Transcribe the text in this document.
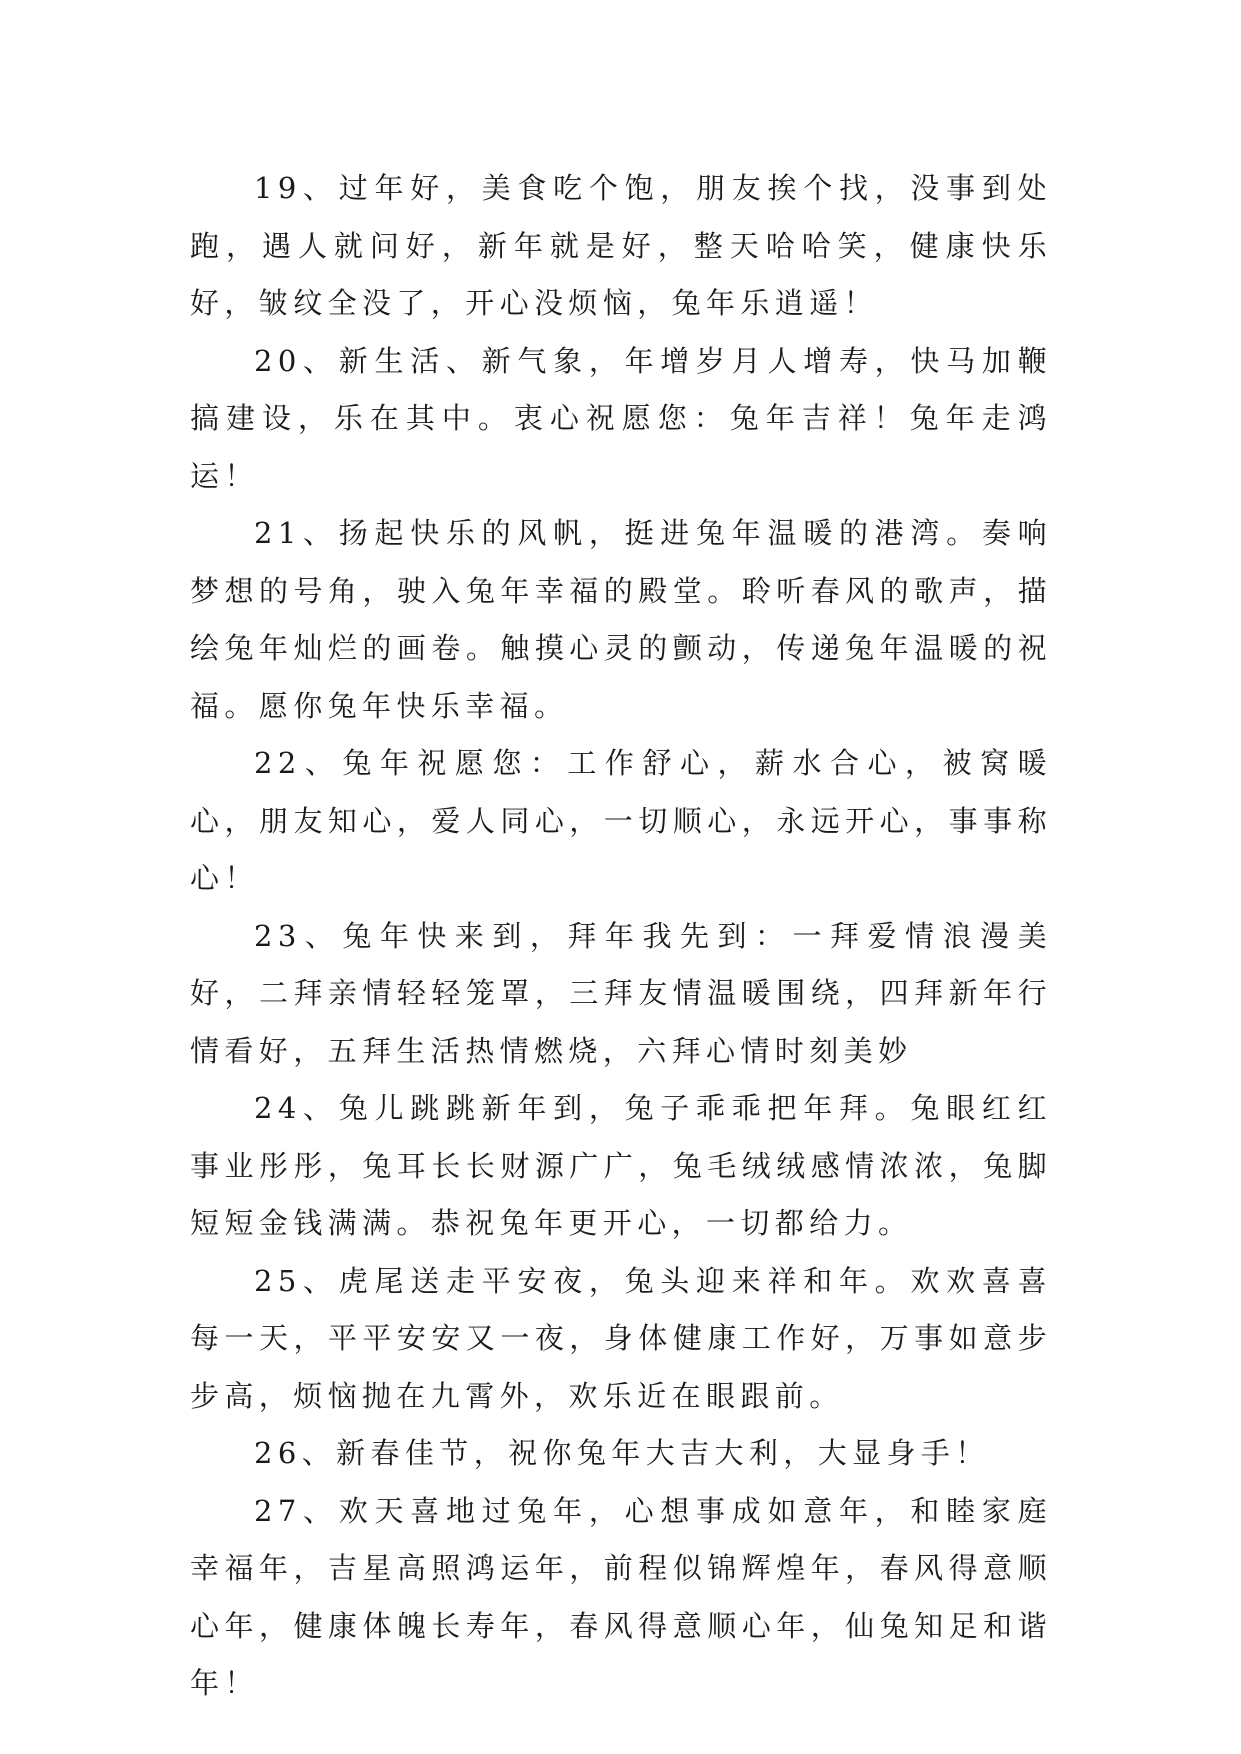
19、过年好，美食吃个饱，朋友挨个找，没事到处跑，遇人就问好，新年就是好，整天哈哈笑，健康快乐好，皱纹全没了，开心没烦恼，兔年乐逍遥！

20、新生活、新气象，年增岁月人增寿，快马加鞭搞建设，乐在其中。衷心祝愿您：兔年吉祥！兔年走鸿运！

21、扬起快乐的风帆，挺进兔年温暖的港湾。奏响梦想的号角，驶入兔年幸福的殿堂。聆听春风的歌声，描绘兔年灿烂的画卷。触摸心灵的颤动，传递兔年温暖的祝福。愿你兔年快乐幸福。

22、兔年祝愿您：工作舒心，薪水合心，被窝暖心，朋友知心，爱人同心，一切顺心，永远开心，事事称心！

23、兔年快来到，拜年我先到：一拜爱情浪漫美好，二拜亲情轻轻笼罩，三拜友情温暖围绕，四拜新年行情看好，五拜生活热情燃烧，六拜心情时刻美妙

24、兔儿跳跳新年到，兔子乖乖把年拜。兔眼红红事业彤彤，兔耳长长财源广广，兔毛绒绒感情浓浓，兔脚短短金钱满满。恭祝兔年更开心，一切都给力。

25、虎尾送走平安夜，兔头迎来祥和年。欢欢喜喜每一天，平平安安又一夜，身体健康工作好，万事如意步步高，烦恼抛在九霄外，欢乐近在眼跟前。

26、新春佳节，祝你兔年大吉大利，大显身手！

27、欢天喜地过兔年，心想事成如意年，和睦家庭幸福年，吉星高照鸿运年，前程似锦辉煌年，春风得意顺心年，健康体魄长寿年，春风得意顺心年，仙兔知足和谐年！
